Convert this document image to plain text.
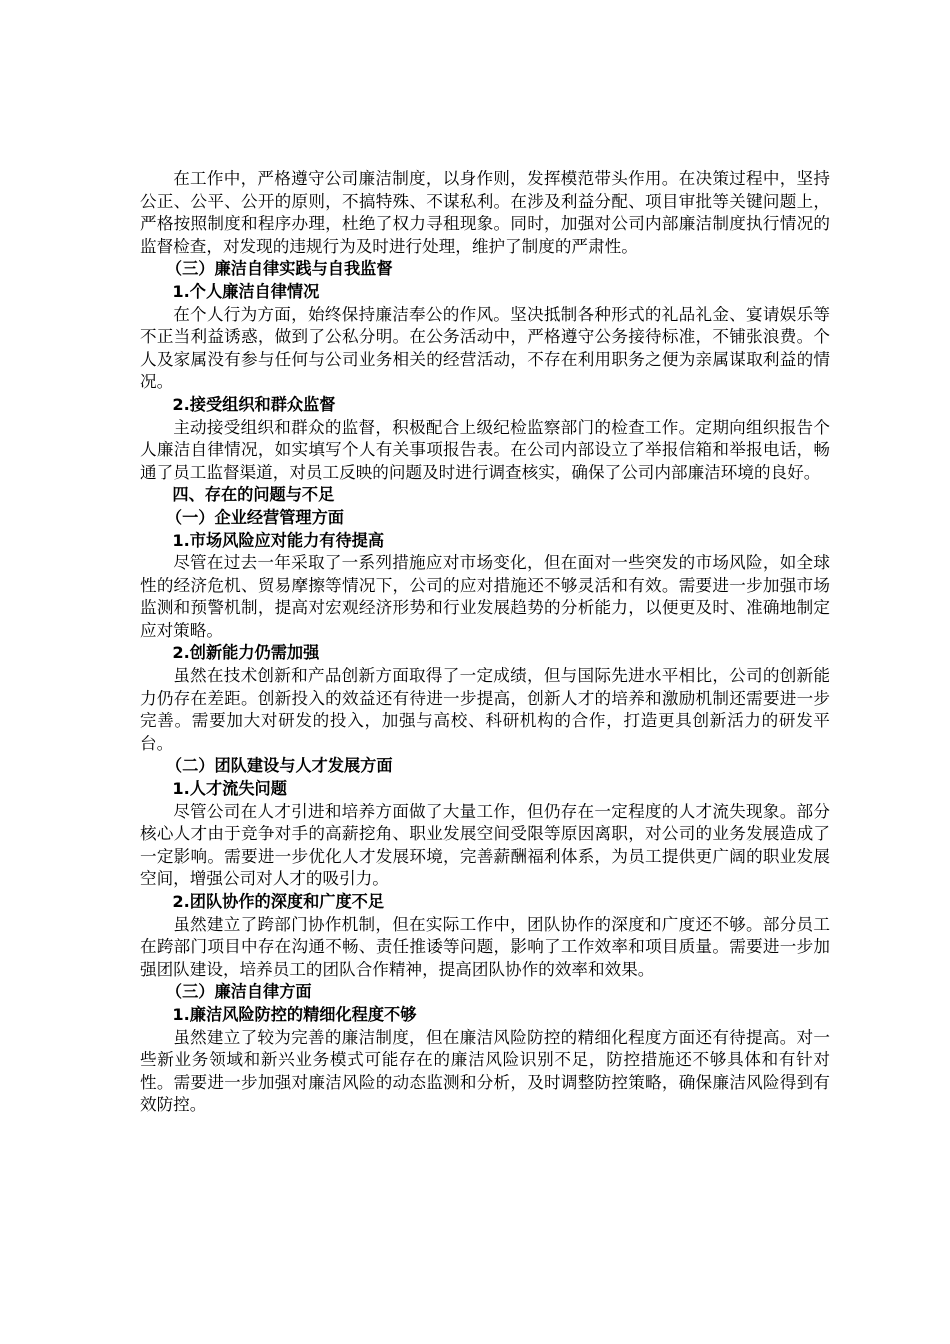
在工作中，严格遵守公司廉洁制度，以身作则，发挥模范带头作用。在决策过程中，坚持公正、公平、公开的原则，不搞特殊、不谋私利。在涉及利益分配、项目审批等关键问题上，严格按照制度和程序办理，杜绝了权力寻租现象。同时，加强对公司内部廉洁制度执行情况的监督检查，对发现的违规行为及时进行处理，维护了制度的严肃性。

（三）廉洁自律实践与自我监督

1.个人廉洁自律情况

在个人行为方面，始终保持廉洁奉公的作风。坚决抵制各种形式的礼品礼金、宴请娱乐等不正当利益诱惑，做到了公私分明。在公务活动中，严格遵守公务接待标准，不铺张浪费。个人及家属没有参与任何与公司业务相关的经营活动，不存在利用职务之便为亲属谋取利益的情况。

2.接受组织和群众监督

主动接受组织和群众的监督，积极配合上级纪检监察部门的检查工作。定期向组织报告个人廉洁自律情况，如实填写个人有关事项报告表。在公司内部设立了举报信箱和举报电话，畅通了员工监督渠道，对员工反映的问题及时进行调查核实，确保了公司内部廉洁环境的良好。

四、存在的问题与不足

（一）企业经营管理方面

1.市场风险应对能力有待提高

尽管在过去一年采取了一系列措施应对市场变化，但在面对一些突发的市场风险，如全球性的经济危机、贸易摩擦等情况下，公司的应对措施还不够灵活和有效。需要进一步加强市场监测和预警机制，提高对宏观经济形势和行业发展趋势的分析能力，以便更及时、准确地制定应对策略。

2.创新能力仍需加强

虽然在技术创新和产品创新方面取得了一定成绩，但与国际先进水平相比，公司的创新能力仍存在差距。创新投入的效益还有待进一步提高，创新人才的培养和激励机制还需要进一步完善。需要加大对研发的投入，加强与高校、科研机构的合作，打造更具创新活力的研发平台。

（二）团队建设与人才发展方面

1.人才流失问题

尽管公司在人才引进和培养方面做了大量工作，但仍存在一定程度的人才流失现象。部分核心人才由于竞争对手的高薪挖角、职业发展空间受限等原因离职，对公司的业务发展造成了一定影响。需要进一步优化人才发展环境，完善薪酬福利体系，为员工提供更广阔的职业发展空间，增强公司对人才的吸引力。

2.团队协作的深度和广度不足

虽然建立了跨部门协作机制，但在实际工作中，团队协作的深度和广度还不够。部分员工在跨部门项目中存在沟通不畅、责任推诿等问题，影响了工作效率和项目质量。需要进一步加强团队建设，培养员工的团队合作精神，提高团队协作的效率和效果。

（三）廉洁自律方面

1.廉洁风险防控的精细化程度不够

虽然建立了较为完善的廉洁制度，但在廉洁风险防控的精细化程度方面还有待提高。对一些新业务领域和新兴业务模式可能存在的廉洁风险识别不足，防控措施还不够具体和有针对性。需要进一步加强对廉洁风险的动态监测和分析，及时调整防控策略，确保廉洁风险得到有效防控。
